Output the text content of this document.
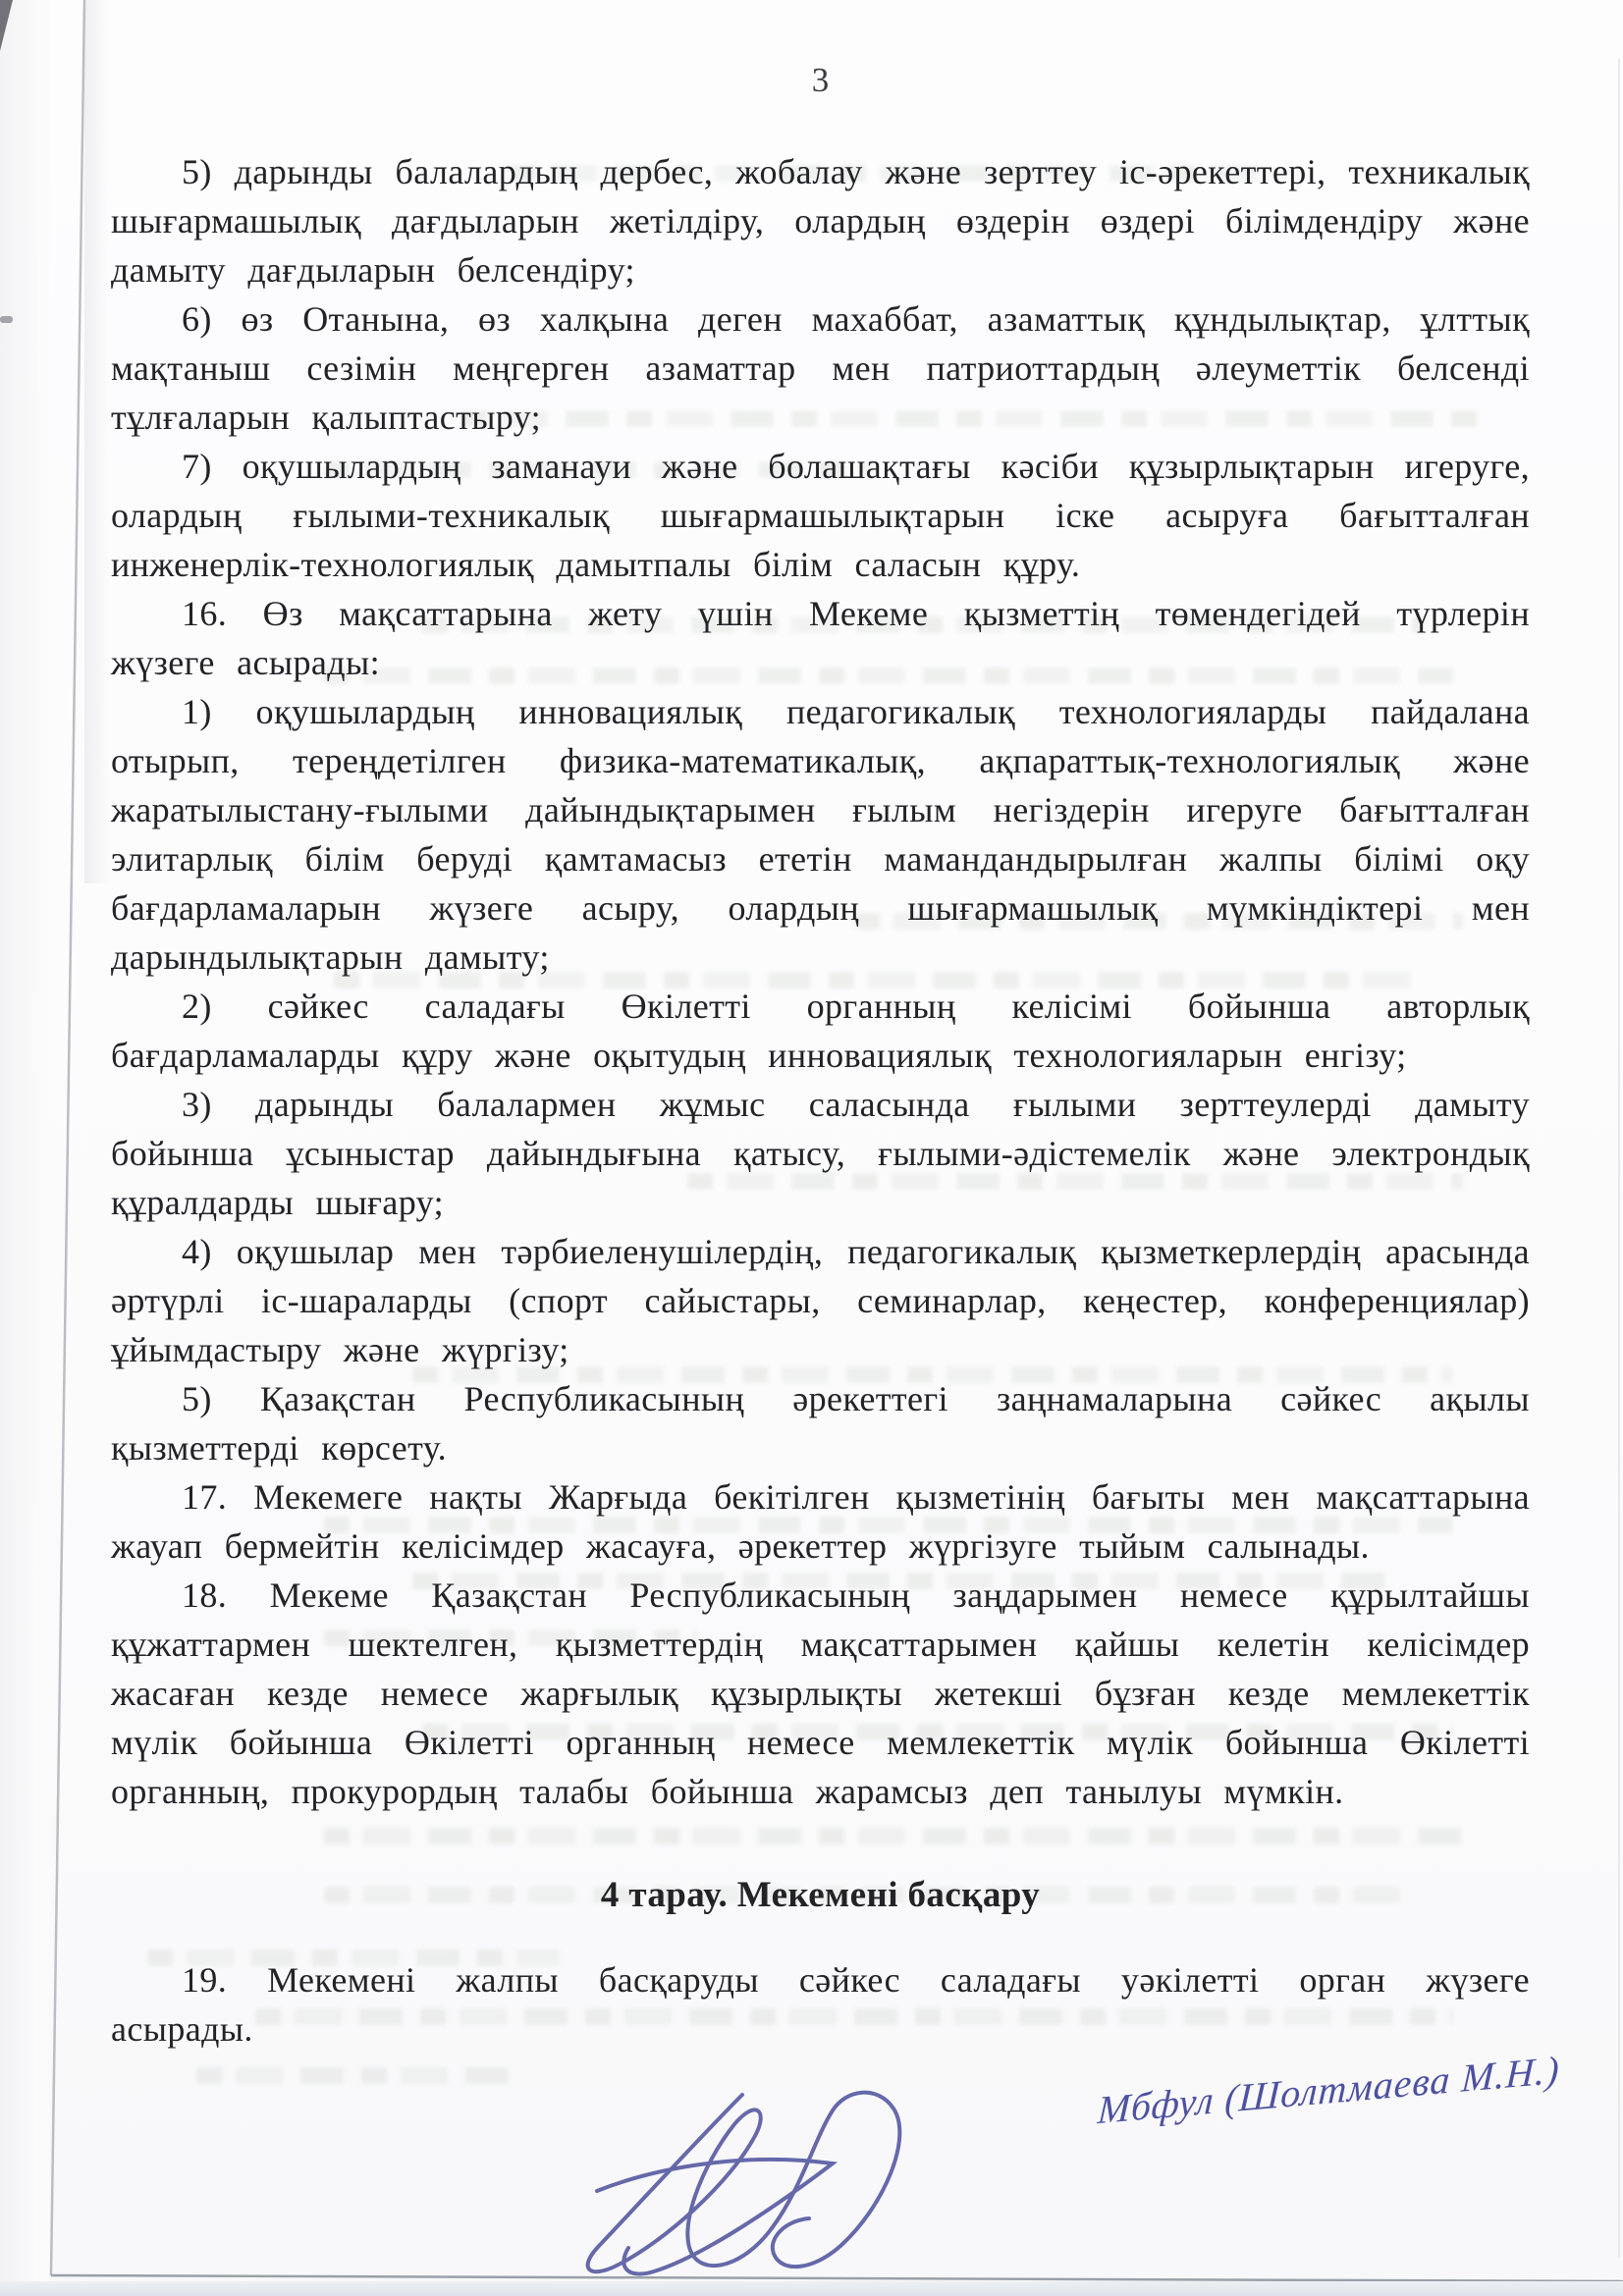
3

5) дарынды балалардың дербес, жобалау және зерттеу іс-әрекеттері, техникалық шығармашылық дағдыларын жетілдіру, олардың өздерін өздері білімдендіру және дамыту дағдыларын белсендіру;

6) өз Отанына, өз халқына деген махаббат, азаматтық құндылықтар, ұлттық мақтаныш сезімін меңгерген азаматтар мен патриоттардың әлеуметтік белсенді тұлғаларын қалыптастыру;

7) оқушылардың заманауи және болашақтағы кәсіби құзырлықтарын игеруге, олардың ғылыми-техникалық шығармашылықтарын іске асыруға бағытталған инженерлік-технологиялық дамытпалы білім саласын құру.

16. Өз мақсаттарына жету үшін Мекеме қызметтің төмендегідей түрлерін жүзеге асырады:

1) оқушылардың инновациялық педагогикалық технологияларды пайдалана отырып, тереңдетілген физика-математикалық, ақпараттық-технологиялық және жаратылыстану-ғылыми дайындықтарымен ғылым негіздерін игеруге бағытталған элитарлық білім беруді қамтамасыз ететін мамандандырылған жалпы білімі оқу бағдарламаларын жүзеге асыру, олардың шығармашылық мүмкіндіктері мен дарындылықтарын дамыту;

2) сәйкес саладағы Өкілетті органның келісімі бойынша авторлық бағдарламаларды құру және оқытудың инновациялық технологияларын енгізу;

3) дарынды балалармен жұмыс саласында ғылыми зерттеулерді дамыту бойынша ұсыныстар дайындығына қатысу, ғылыми-әдістемелік және электрондық құралдарды шығару;

4) оқушылар мен тәрбиеленушілердің, педагогикалық қызметкерлердің арасында әртүрлі іс-шараларды (спорт сайыстары, семинарлар, кеңестер, конференциялар) ұйымдастыру және жүргізу;

5) Қазақстан Республикасының әрекеттегі заңнамаларына сәйкес ақылы қызметтерді көрсету.

17. Мекемеге нақты Жарғыда бекітілген қызметінің бағыты мен мақсаттарына жауап бермейтін келісімдер жасауға, әрекеттер жүргізуге тыйым салынады.

18. Мекеме Қазақстан Республикасының заңдарымен немесе құрылтайшы құжаттармен шектелген, қызметтердің мақсаттарымен қайшы келетін келісімдер жасаған кезде немесе жарғылық құзырлықты жетекші бұзған кезде мемлекеттік мүлік бойынша Өкілетті органның немесе мемлекеттік мүлік бойынша Өкілетті органның, прокурордың талабы бойынша жарамсыз деп танылуы мүмкін.

4 тарау. Мекемені басқару

19. Мекемені жалпы басқаруды сәйкес саладағы уәкілетті орган жүзеге асырады.

Мбфул (Шолтмаева М.Н.)
